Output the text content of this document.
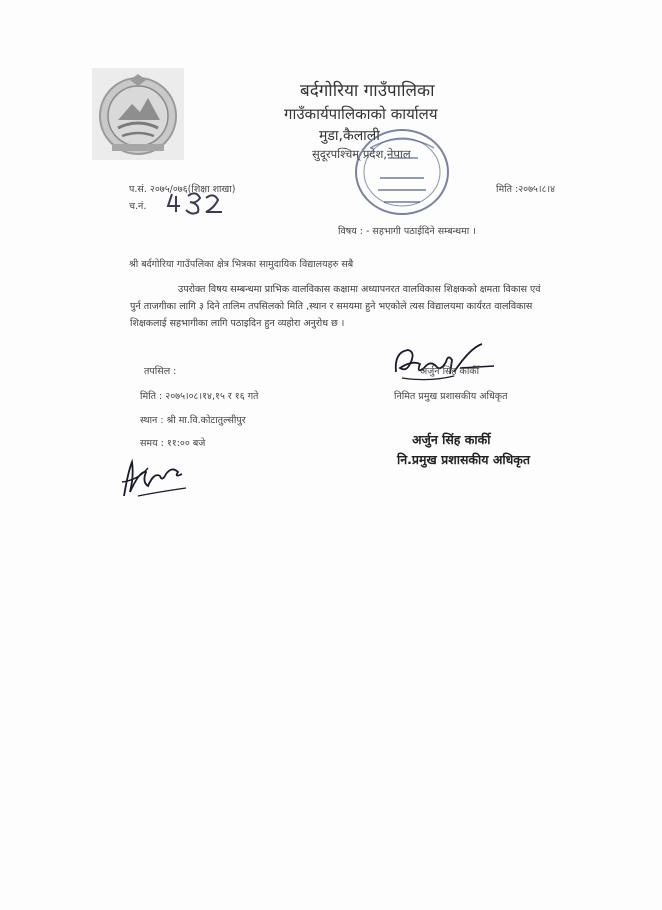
बर्दगोरिया गाउँपालिका
गाउँकार्यपालिकाको कार्यालय
मुडा,कैलाली
सुदूरपश्चिम् प्रदेश,नेपाल
प.सं. २०७५/०७६(शिक्षा शाखा)	मिति :२०७५।८।४
च.नं.
विषय : - सहभागी पठाईदिने सम्बन्धमा ।
श्री बर्दगोरिया गाउँपलिका क्षेत्र भित्रका सामुदायिक विद्यालयहरु सबै
उपरोक्त विषय सम्बन्धमा प्राभिक वालविकास कक्षामा अध्यापनरत वालविकास शिक्षकको क्षमता विकास एवं पुर्न ताजगीका लागि ३ दिने तालिम तपसिलको मिति ,स्थान र समयमा हुने भएकोले त्यस विद्यालयमा कार्यरत वालविकास शिक्षकलाई सहभागीका लागि पठाइदिन हुन व्यहोरा अनुरोध छ ।
तपसिल :
मिति : २०७५।०८।१४,१५ र १६ गते
स्थान : श्री मा.वि.कोटातुल्सीपुर
समय : ११:०० बजे
अर्जुन सिंह कार्की
निमित प्रमुख प्रशासकीय अधिकृत
अर्जुन सिंह कार्की
नि.प्रमुख प्रशासकीय अधिकृत
